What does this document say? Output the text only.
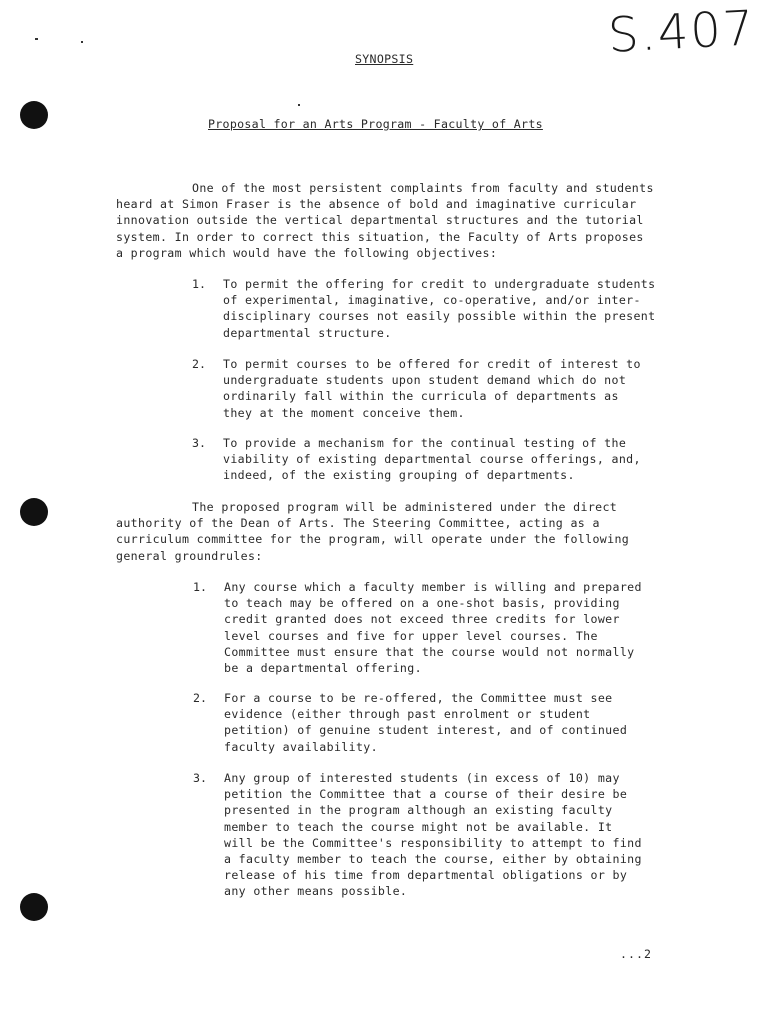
S.407
SYNOPSIS
Proposal for an Arts Program - Faculty of Arts
One of the most persistent complaints from faculty and students
heard at Simon Fraser is the absence of bold and imaginative curricular
innovation outside the vertical departmental structures and the tutorial
system. In order to correct this situation, the Faculty of Arts proposes
a program which would have the following objectives:
1. To permit the offering for credit to undergraduate students
of experimental, imaginative, co-operative, and/or inter-
disciplinary courses not easily possible within the present
departmental structure.
2. To permit courses to be offered for credit of interest to
undergraduate students upon student demand which do not
ordinarily fall within the curricula of departments as
they at the moment conceive them.
3. To provide a mechanism for the continual testing of the
viability of existing departmental course offerings, and,
indeed, of the existing grouping of departments.
The proposed program will be administered under the direct
authority of the Dean of Arts. The Steering Committee, acting as a
curriculum committee for the program, will operate under the following
general groundrules:
1. Any course which a faculty member is willing and prepared
to teach may be offered on a one-shot basis, providing
credit granted does not exceed three credits for lower
level courses and five for upper level courses. The
Committee must ensure that the course would not normally
be a departmental offering.
2. For a course to be re-offered, the Committee must see
evidence (either through past enrolment or student
petition) of genuine student interest, and of continued
faculty availability.
3. Any group of interested students (in excess of 10) may
petition the Committee that a course of their desire be
presented in the program although an existing faculty
member to teach the course might not be available. It
will be the Committee's responsibility to attempt to find
a faculty member to teach the course, either by obtaining
release of his time from departmental obligations or by
any other means possible.
...2
